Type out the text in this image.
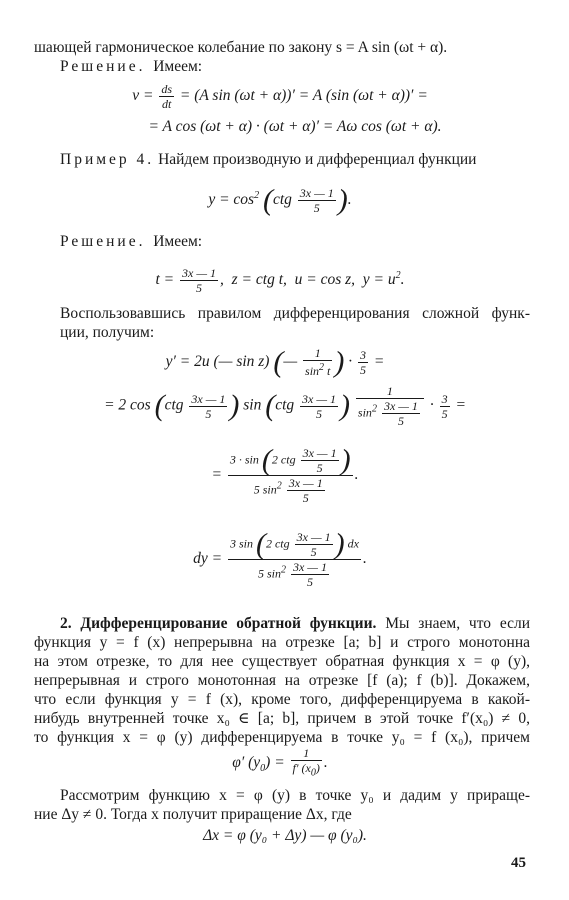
шающей гармоническое колебание по закону s = A sin (ωt + α).
Решение. Имеем:
$v = \frac{ds}{dt} = (A$ sin (ωt + α))′ = A (sin (ωt + α))′ =
= A cos (ωt + α) · (ωt + α)′ = Aω cos (ωt + α).
Пример 4. Найдем производную и дифференциал функции
$y = \cos^2 (ctg \frac{3x — 1}{5}$ ).
Решение. Имеем:
$t = \frac{3x — 1}{5}$ ,  z = ctg t,  u = cos z,  $y = u^2$.
Воспользовавшись правилом дифференцирования сложной функ-
ции, получим:
y′ = 2u (— sin z) (— $\frac{1}{\sin^2 t}$ ) · $\frac{3}{5}$ =
= 2 $\cos (ctg \frac{3x — 1}{5}$ ) $\sin (ctg \frac{3x — 1}{5}$ ) $\frac{1}{\sin^2 \frac{3x — 1}{5}} \cdot \frac{3}{5}$ =
= $\frac{3 \cdot \sin (2 ctg \frac{3x — 1}{5} )}{5 \sin^2 \frac{3x — 1}{5}}$ .
dy = $\frac{3 \sin (2 ctg \frac{3x — 1}{5} ) dx}{5 \sin^2 \frac{3x — 1}{5}}$ .
2. Дифференцирование обратной функции. Мы знаем, что если
функция y = f (x) непрерывна на отрезке [a; b] и строго монотонна
на этом отрезке, то для нее существует обратная функция x = φ (y),
непрерывная и строго монотонная на отрезке [f (a); f (b)]. Докажем,
что если функция y = f (x), кроме того, дифференцируема в какой-
нибудь внутренней точке x₀ ∈ [a; b], причем в этой точке f′(x₀) ≠ 0,
то функция x = φ (y) дифференцируема в точке y₀ = f (x₀), причем
φ′ $(y_0) = \frac{1}{f' (x_0)}$ .
Рассмотрим функцию x = φ (y) в точке y₀ и дадим y прираще-
ние Δy ≠ 0. Тогда x получит приращение Δx, где
Δx = φ (y₀ + Δy) — φ (y₀).
45
